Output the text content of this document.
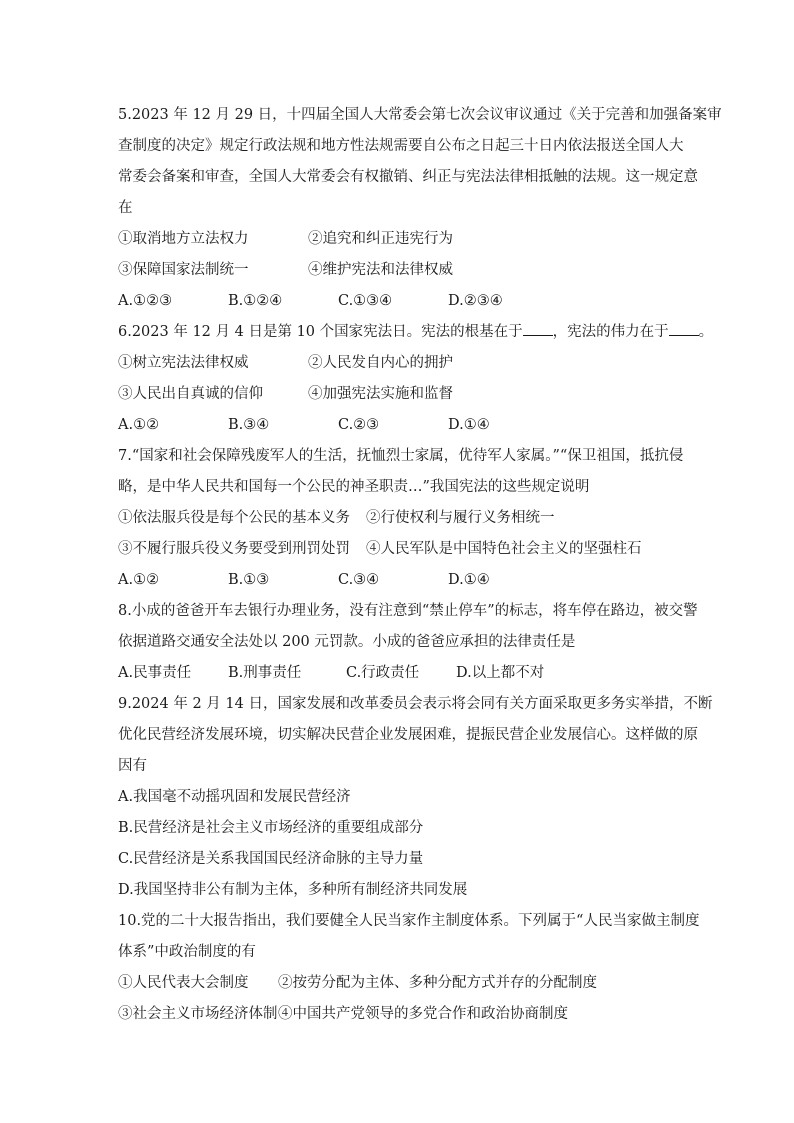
5.2023 年 12 月 29 日，十四届全国人大常委会第七次会议审议通过《关于完善和加强备案审
查制度的决定》规定行政法规和地方性法规需要自公布之日起三十日内依法报送全国人大
常委会备案和审查，全国人大常委会有权撤销、纠正与宪法法律相抵触的法规。这一规定意
在
①取消地方立法权力	②追究和纠正违宪行为
③保障国家法制统一	④维护宪法和法律权威
A.①②③	B.①②④	C.①③④	D.②③④
6.2023 年 12 月 4 日是第 10 个国家宪法日。宪法的根基在于 ，宪法的伟力在于 。
①树立宪法法律权威	②人民发自内心的拥护
③人民出自真诚的信仰	④加强宪法实施和监督
A.①②	B.③④	C.②③	D.①④
7.“国家和社会保障残废军人的生活，抚恤烈士家属，优待军人家属。”“保卫祖国，抵抗侵
略，是中华人民共和国每一个公民的神圣职责…”我国宪法的这些规定说明
①依法服兵役是每个公民的基本义务 ②行使权利与履行义务相统一
③不履行服兵役义务要受到刑罚处罚 ④人民军队是中国特色社会主义的坚强柱石
A.①②	B.①③	C.③④	D.①④
8.小成的爸爸开车去银行办理业务，没有注意到“禁止停车”的标志，将车停在路边，被交警
依据道路交通安全法处以 200 元罚款。小成的爸爸应承担的法律责任是
A.民事责任	B.刑事责任	C.行政责任	D.以上都不对
9.2024 年 2 月 14 日，国家发展和改革委员会表示将会同有关方面采取更多务实举措，不断
优化民营经济发展环境，切实解决民营企业发展困难，提振民营企业发展信心。这样做的原
因有
A.我国毫不动摇巩固和发展民营经济
B.民营经济是社会主义市场经济的重要组成部分
C.民营经济是关系我国国民经济命脉的主导力量
D.我国坚持非公有制为主体，多种所有制经济共同发展
10.党的二十大报告指出，我们要健全人民当家作主制度体系。下列属于“人民当家做主制度
体系”中政治制度的有
①人民代表大会制度	②按劳分配为主体、多种分配方式并存的分配制度
③社会主义市场经济体制 ④中国共产党领导的多党合作和政治协商制度
